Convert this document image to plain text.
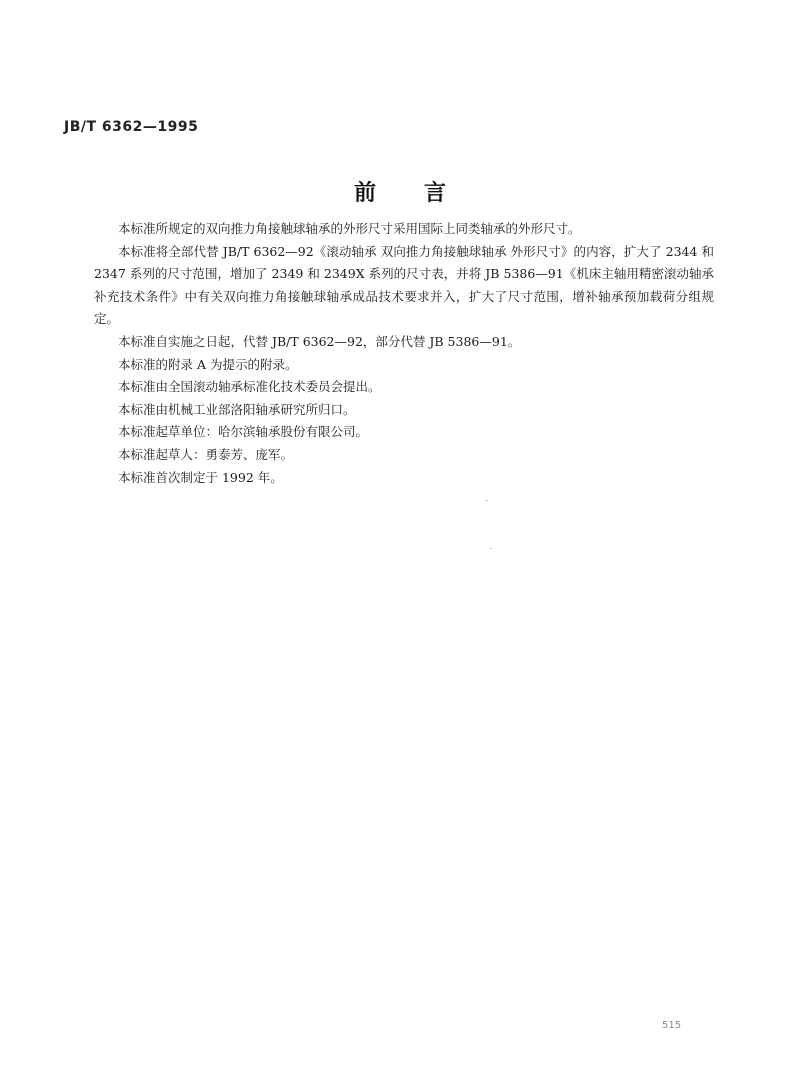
JB/T 6362—1995
前言

本标准所规定的双向推力角接触球轴承的外形尺寸采用国际上同类轴承的外形尺寸。

本标准将全部代替 JB/T 6362—92《滚动轴承 双向推力角接触球轴承 外形尺寸》的内容，扩大了 2344 和 2347 系列的尺寸范围，增加了 2349 和 2349X 系列的尺寸表，并将 JB 5386—91《机床主轴用精密滚动轴承补充技术条件》中有关双向推力角接触球轴承成品技术要求并入，扩大了尺寸范围，增补轴承预加载荷分组规定。

本标准自实施之日起，代替 JB/T 6362—92，部分代替 JB 5386—91。

本标准的附录 A 为提示的附录。

本标准由全国滚动轴承标准化技术委员会提出。

本标准由机械工业部洛阳轴承研究所归口。

本标准起草单位：哈尔滨轴承股份有限公司。

本标准起草人：勇泰芳、庞军。

本标准首次制定于 1992 年。

515
